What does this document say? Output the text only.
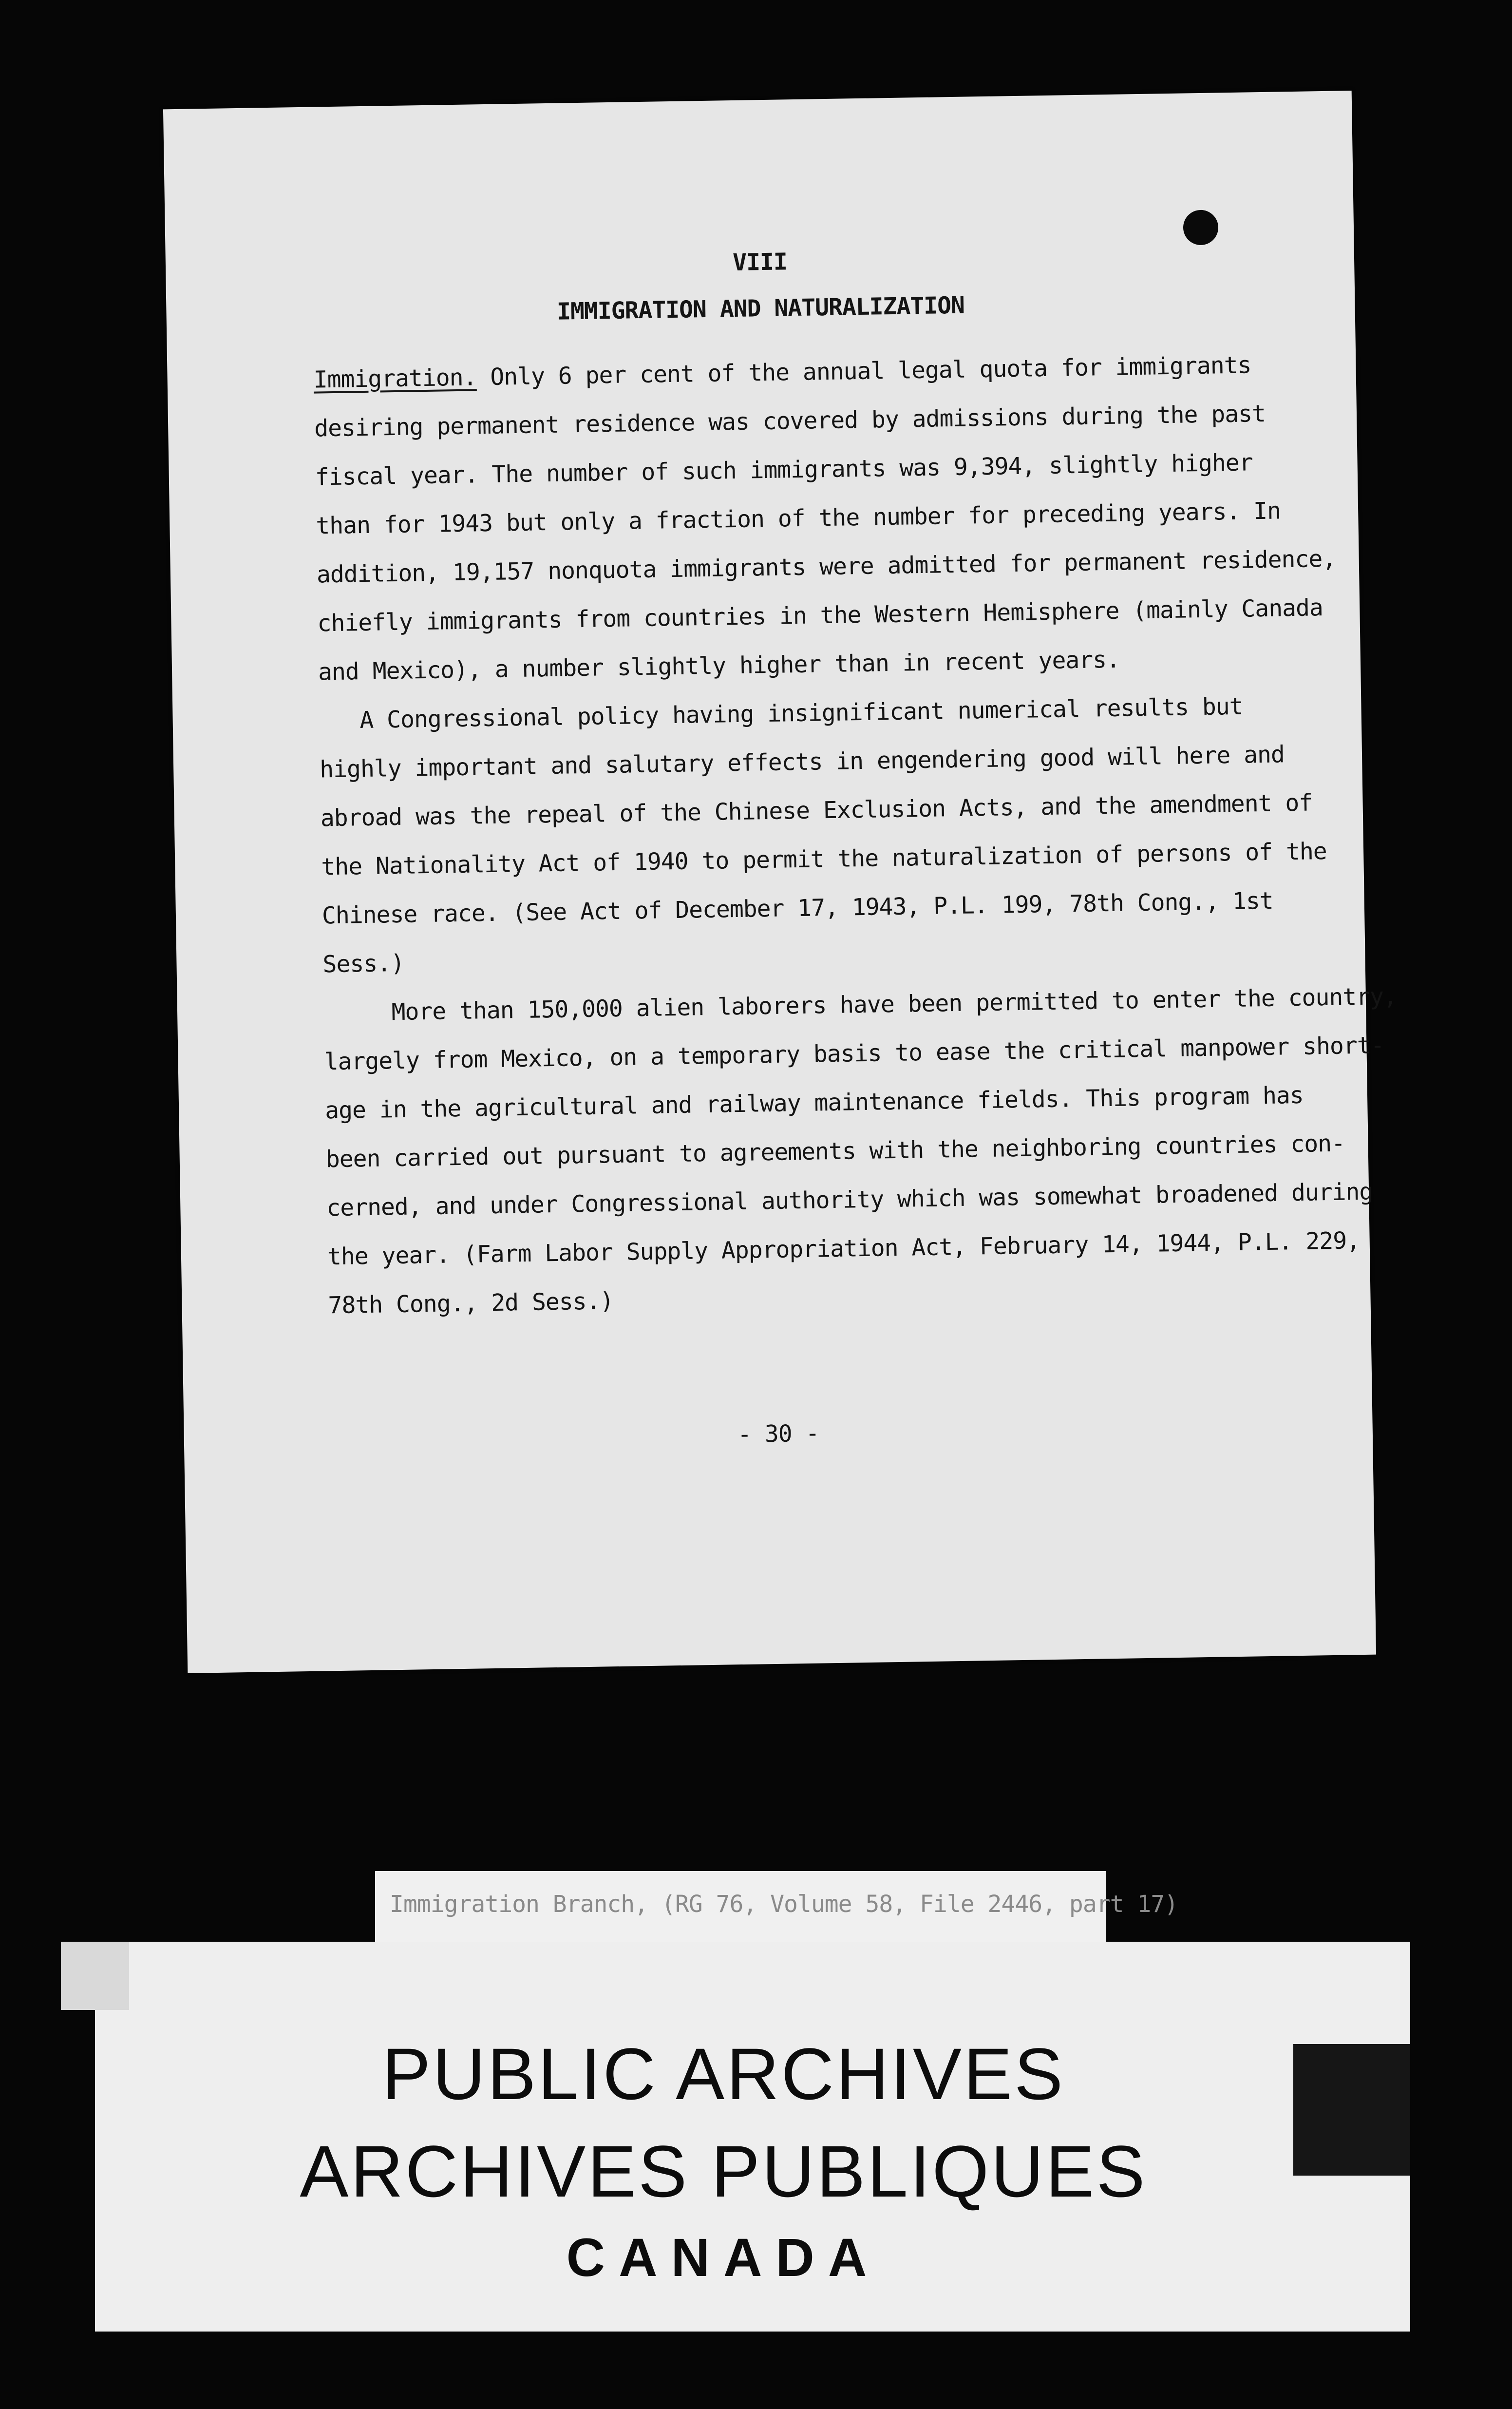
VIII
IMMIGRATION AND NATURALIZATION
Immigration. Only 6 per cent of the annual legal quota for immigrants
desiring permanent residence was covered by admissions during the past
fiscal year. The number of such immigrants was 9,394, slightly higher
than for 1943 but only a fraction of the number for preceding years. In
addition, 19,157 nonquota immigrants were admitted for permanent residence,
chiefly immigrants from countries in the Western Hemisphere (mainly Canada
and Mexico), a number slightly higher than in recent years.
A Congressional policy having insignificant numerical results but
highly important and salutary effects in engendering good will here and
abroad was the repeal of the Chinese Exclusion Acts, and the amendment of
the Nationality Act of 1940 to permit the naturalization of persons of the
Chinese race. (See Act of December 17, 1943, P.L. 199, 78th Cong., 1st
Sess.)
More than 150,000 alien laborers have been permitted to enter the country,
largely from Mexico, on a temporary basis to ease the critical manpower short-
age in the agricultural and railway maintenance fields. This program has
been carried out pursuant to agreements with the neighboring countries con-
cerned, and under Congressional authority which was somewhat broadened during
the year. (Farm Labor Supply Appropriation Act, February 14, 1944, P.L. 229,
78th Cong., 2d Sess.)
- 30 -
Immigration Branch, (RG 76, Volume 58, File 2446, part 17)
PUBLIC ARCHIVES
ARCHIVES PUBLIQUES
CANADA
